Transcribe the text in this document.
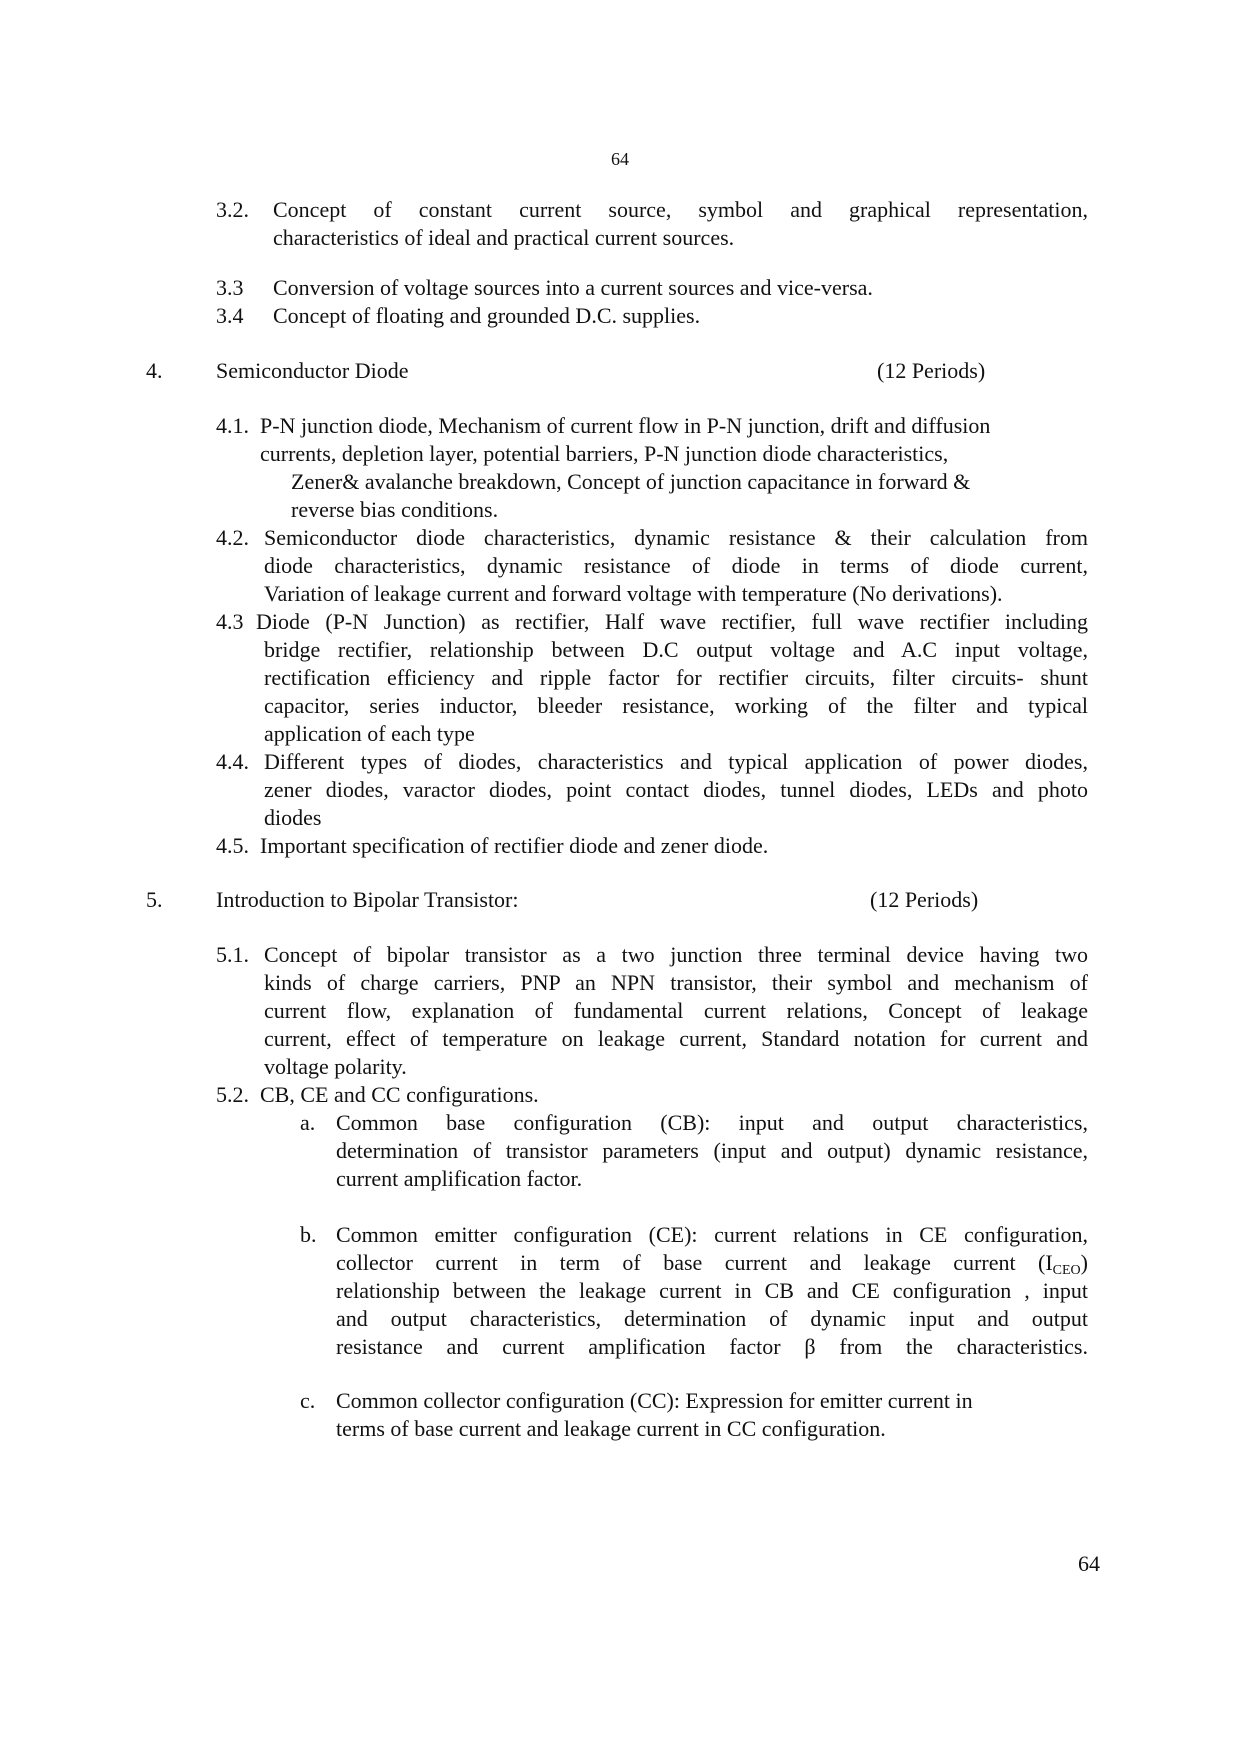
64
3.2. Concept of constant current source, symbol and graphical representation,
characteristics of ideal and practical current sources.
3.3 Conversion of voltage sources into a current sources and vice-versa.
3.4 Concept of floating and grounded D.C. supplies.
4. Semiconductor Diode	(12 Periods)
4.1. P-N junction diode, Mechanism of current flow in P-N junction, drift and diffusion
currents, depletion layer, potential barriers, P-N junction diode characteristics,
Zener& avalanche breakdown, Concept of junction capacitance in forward &
reverse bias conditions.
4.2. Semiconductor diode characteristics, dynamic resistance & their calculation from
diode characteristics, dynamic resistance of diode in terms of diode current,
Variation of leakage current and forward voltage with temperature (No derivations).
4.3 Diode (P-N Junction) as rectifier, Half wave rectifier, full wave rectifier including
bridge rectifier, relationship between D.C output voltage and A.C input voltage,
rectification efficiency and ripple factor for rectifier circuits, filter circuits- shunt
capacitor, series inductor, bleeder resistance, working of the filter and typical
application of each type
4.4. Different types of diodes, characteristics and typical application of power diodes,
zener diodes, varactor diodes, point contact diodes, tunnel diodes, LEDs and photo
diodes
4.5. Important specification of rectifier diode and zener diode.
5. Introduction to Bipolar Transistor:	(12 Periods)
5.1. Concept of bipolar transistor as a two junction three terminal device having two
kinds of charge carriers, PNP an NPN transistor, their symbol and mechanism of
current flow, explanation of fundamental current relations, Concept of leakage
current, effect of temperature on leakage current, Standard notation for current and
voltage polarity.
5.2. CB, CE and CC configurations.
a. Common base configuration (CB): input and output characteristics,
determination of transistor parameters (input and output) dynamic resistance,
current amplification factor.
b. Common emitter configuration (CE): current relations in CE configuration,
collector current in term of base current and leakage current $(I_{CEO})$
relationship between the leakage current in CB and CE configuration , input
and output characteristics, determination of dynamic input and output
resistance and current amplification factor β from the characteristics.
c. Common collector configuration (CC): Expression for emitter current in
terms of base current and leakage current in CC configuration.
64
